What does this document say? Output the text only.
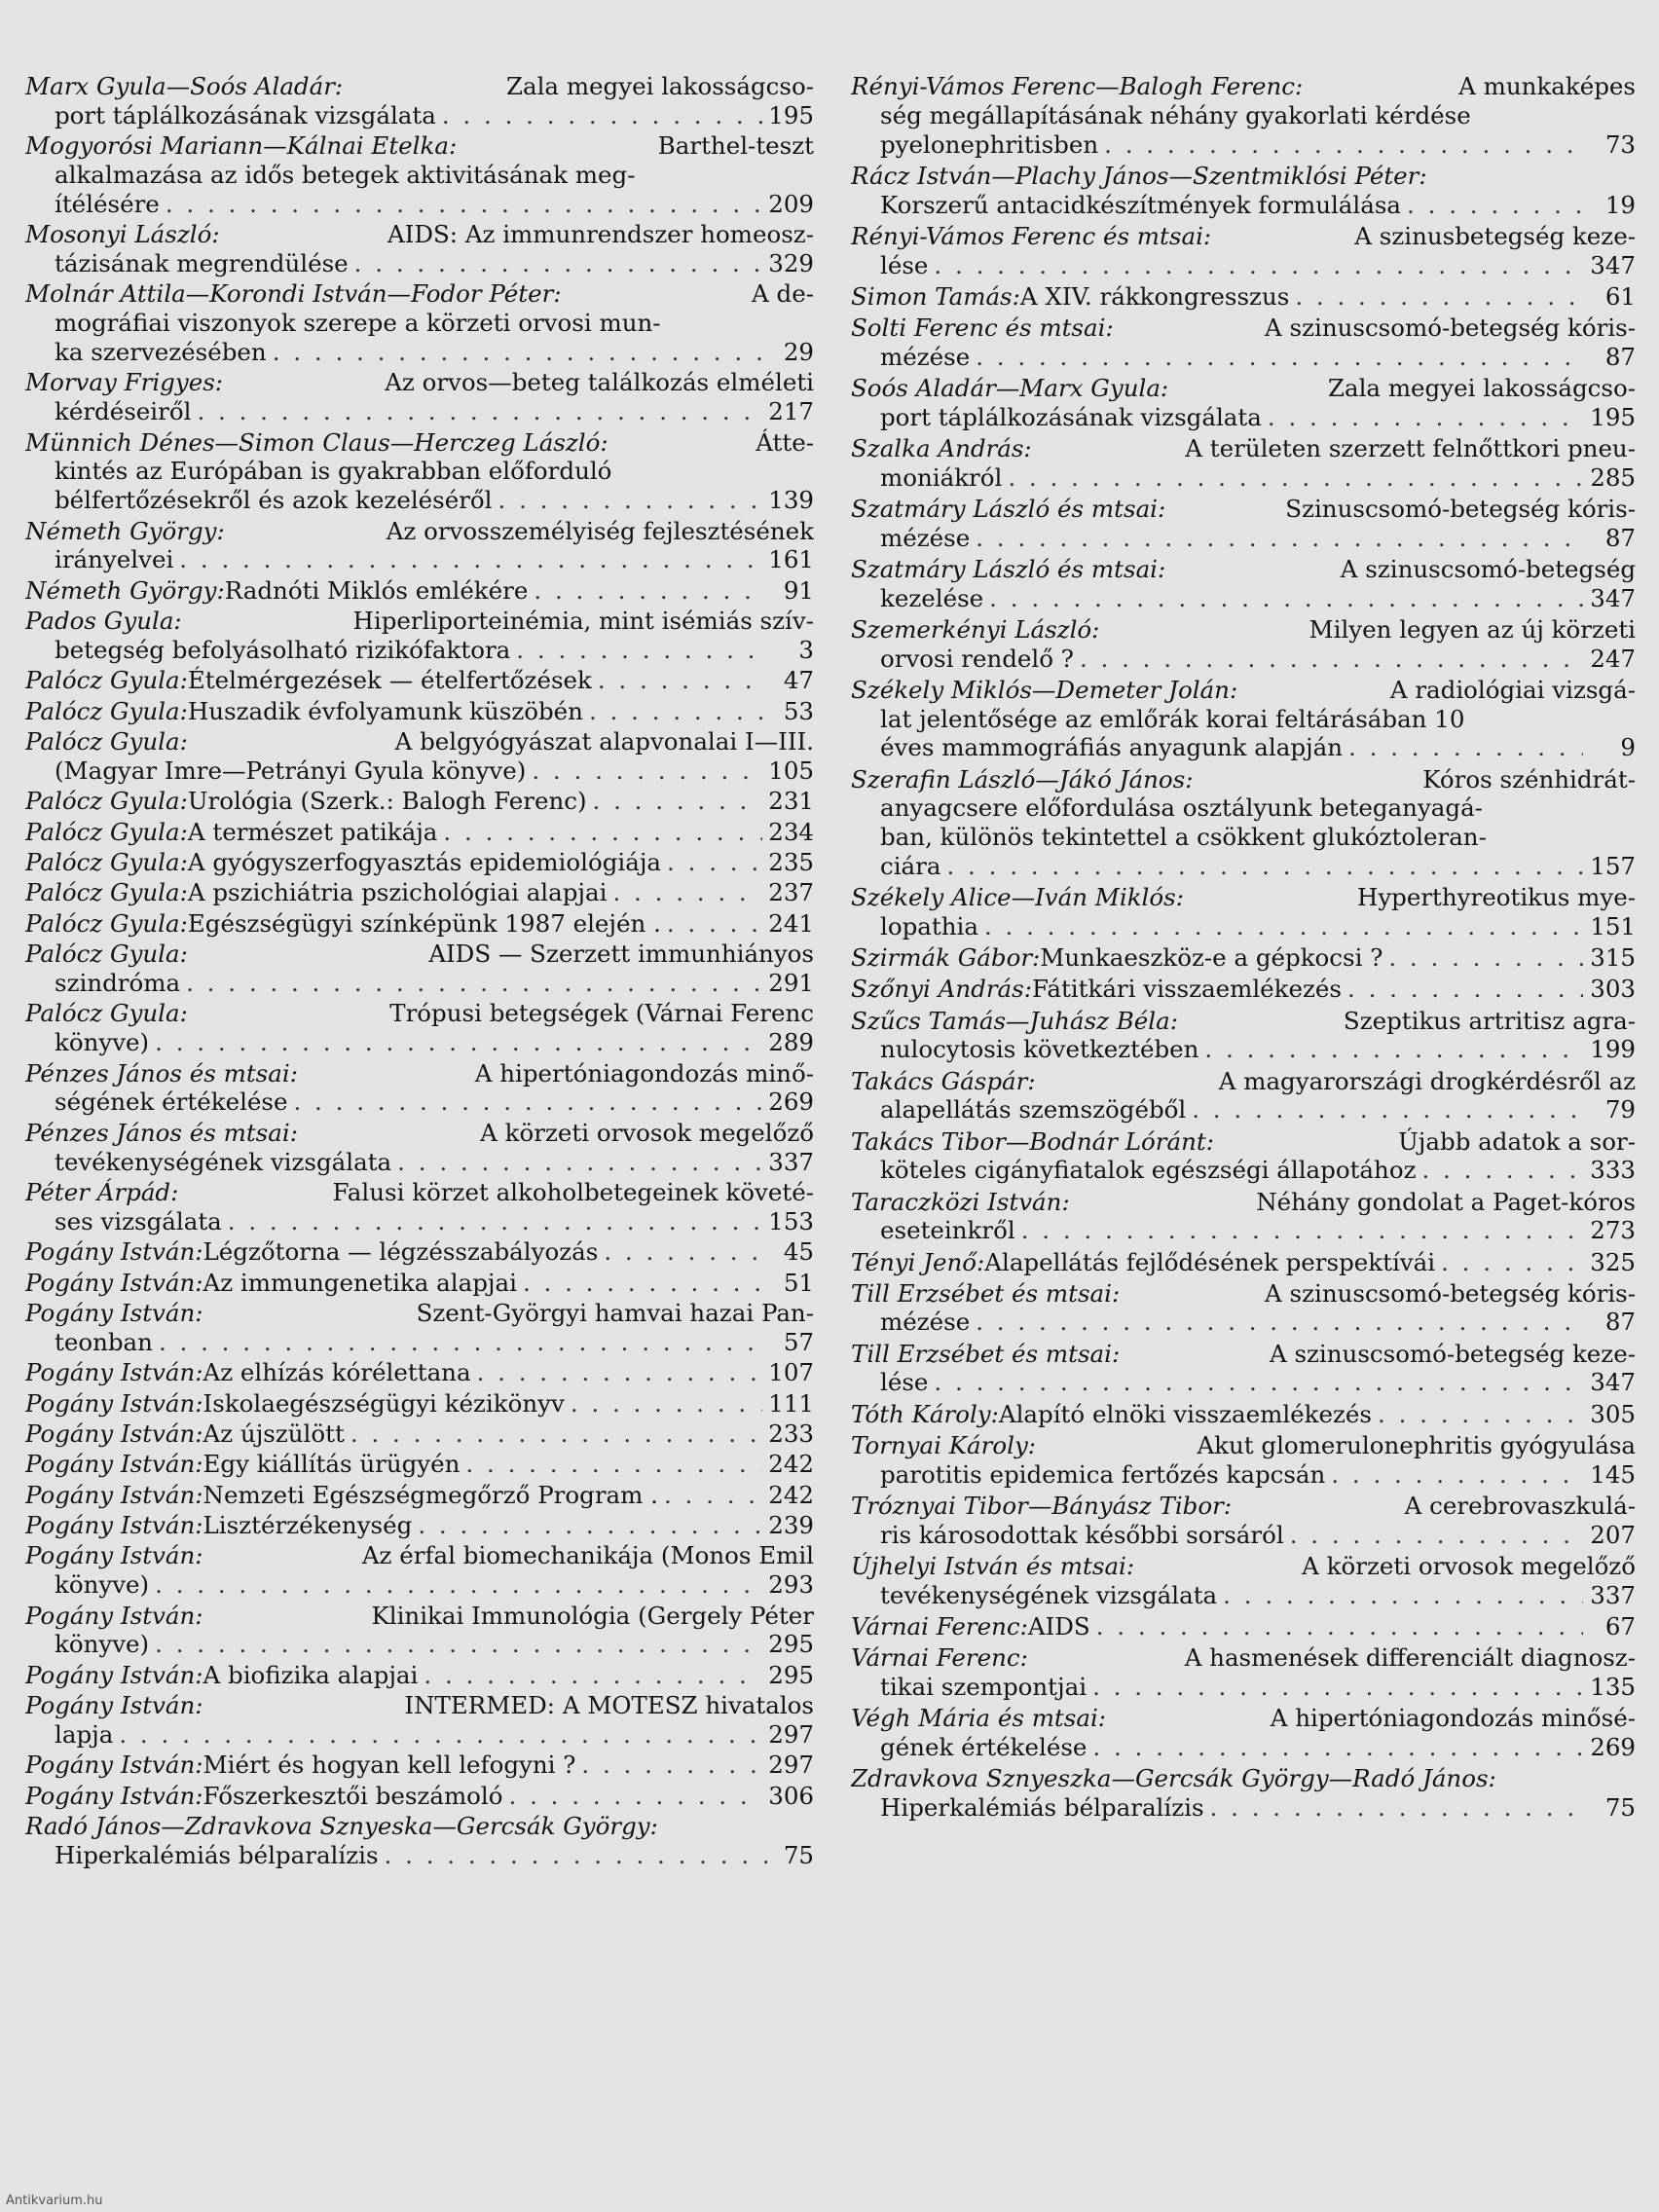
Marx Gyula—Soós Aladár:	Zala megyei lakosságcso-
port táplálkozásának vizsgálata . . .	195
Mogyorósi Mariann—Kálnai Etelka:	Barthel-teszt
alkalmazása az idős betegek aktivitásának meg-
ítélésére . . .	209
Mosonyi László:	AIDS: Az immunrendszer homeosz-
tázisának megrendülése . . .	329
Molnár Attila—Korondi István—Fodor Péter:	A de-
mográfiai viszonyok szerepe a körzeti orvosi mun-
ka szervezésében . . .	29
Morvay Frigyes:	Az orvos—beteg találkozás elméleti
kérdéseiről . . .	217
Münnich Dénes—Simon Claus—Herczeg László:	Átte-
kintés az Európában is gyakrabban előforduló
bélfertőzésekről és azok kezeléséről . . .	139
Németh György:	Az orvosszemélyiség fejlesztésének
irányelvei . . .	161
Németh György: Radnóti Miklós emlékére . . .	91
Pados Gyula:	Hiperliporteinémia, mint isémiás szív-
betegség befolyásolható rizikófaktora . . .	3
Palócz Gyula: Ételmérgezések — ételfertőzések . . .	47
Palócz Gyula: Huszadik évfolyamunk küszöbén . . .	53
Palócz Gyula:	A belgyógyászat alapvonalai I—III.
(Magyar Imre—Petrányi Gyula könyve) . . .	105
Palócz Gyula: Urológia (Szerk.: Balogh Ferenc) . . .	231
Palócz Gyula: A természet patikája . . .	234
Palócz Gyula: A gyógyszerfogyasztás epidemiológiája . . .	235
Palócz Gyula: A pszichiátria pszichológiai alapjai . . .	237
Palócz Gyula: Egészségügyi színképünk 1987 elején . . . .	241
Palócz Gyula:	AIDS — Szerzett immunhiányos
szindróma . . .	291
Palócz Gyula:	Trópusi betegségek (Várnai Ferenc
könyve) . . .	289
Pénzes János és mtsai:	A hipertóniagondozás minő-
ségének értékelése . . .	269
Pénzes János és mtsai:	A körzeti orvosok megelőző
tevékenységének vizsgálata . . .	337
Péter Árpád:	Falusi körzet alkoholbetegeinek követé-
ses vizsgálata . . .	153
Pogány István: Légzőtorna — légzésszabályozás . . .	45
Pogány István: Az immungenetika alapjai . . .	51
Pogány István:	Szent-Györgyi hamvai hazai Pan-
teonban . . .	57
Pogány István: Az elhízás kórélettana . . .	107
Pogány István: Iskolaegészségügyi kézikönyv . . .	111
Pogány István: Az újszülött . . .	233
Pogány István: Egy kiállítás ürügyén . . .	242
Pogány István: Nemzeti Egészségmegőrző Program . . . .	242
Pogány István: Lisztérzékenység . . .	239
Pogány István:	Az érfal biomechanikája (Monos Emil
könyve) . . .	293
Pogány István:	Klinikai Immunológia (Gergely Péter
könyve) . . .	295
Pogány István: A biofizika alapjai . . .	295
Pogány István:	INTERMED: A MOTESZ hivatalos
lapja . . .	297
Pogány István: Miért és hogyan kell lefogyni ? . . .	297
Pogány István: Főszerkesztői beszámoló . . .	306
Radó János—Zdravkova Sznyeska—Gercsák György:
Hiperkalémiás bélparalízis . . .	75
Rényi-Vámos Ferenc—Balogh Ferenc:	A munkaképes
ség megállapításának néhány gyakorlati kérdése
pyelonephritisben . . .	73
Rácz István—Plachy János—Szentmiklósi Péter:
Korszerű antacidkészítmények formulálása . . .	19
Rényi-Vámos Ferenc és mtsai:	A szinusbetegség keze-
lése . . .	347
Simon Tamás: A XIV. rákkongresszus . . .	61
Solti Ferenc és mtsai:	A szinuscsomó-betegség kóris-
mézése . . .	87
Soós Aladár—Marx Gyula:	Zala megyei lakosságcso-
port táplálkozásának vizsgálata . . .	195
Szalka András:	A területen szerzett felnőttkori pneu-
moniákról . . .	285
Szatmáry László és mtsai:	Szinuscsomó-betegség kóris-
mézése . . .	87
Szatmáry László és mtsai:	A szinuscsomó-betegség
kezelése . . .	347
Szemerkényi László:	Milyen legyen az új körzeti
orvosi rendelő ? . . .	247
Székely Miklós—Demeter Jolán:	A radiológiai vizsgá-
lat jelentősége az emlőrák korai feltárásában 10
éves mammográfiás anyagunk alapján . . .	9
Szerafin László—Jákó János:	Kóros szénhidrát-
anyagcsere előfordulása osztályunk beteganyagá-
ban, különös tekintettel a csökkent glukóztoleran-
ciára . . .	157
Székely Alice—Iván Miklós:	Hyperthyreotikus mye-
lopathia . . .	151
Szirmák Gábor: Munkaeszköz-e a gépkocsi ? . . .	315
Szőnyi András: Fátitkári visszaemlékezés . . .	303
Szűcs Tamás—Juhász Béla:	Szeptikus artritisz agra-
nulocytosis következtében . . .	199
Takács Gáspár:	A magyarországi drogkérdésről az
alapellátás szemszögéből . . .	79
Takács Tibor—Bodnár Lóránt:	Újabb adatok a sor-
köteles cigányfiatalok egészségi állapotához . . .	333
Taraczközi István:	Néhány gondolat a Paget-kóros
eseteinkről . . .	273
Tényi Jenő: Alapellátás fejlődésének perspektívái . . .	325
Till Erzsébet és mtsai:	A szinuscsomó-betegség kóris-
mézése . . .	87
Till Erzsébet és mtsai:	A szinuscsomó-betegség keze-
lése . . .	347
Tóth Károly: Alapító elnöki visszaemlékezés . . .	305
Tornyai Károly:	Akut glomerulonephritis gyógyulása
parotitis epidemica fertőzés kapcsán . . .	145
Tróznyai Tibor—Bányász Tibor:	A cerebrovaszkulá-
ris károsodottak későbbi sorsáról . . .	207
Újhelyi István és mtsai:	A körzeti orvosok megelőző
tevékenységének vizsgálata . . .	337
Várnai Ferenc: AIDS . . .	67
Várnai Ferenc:	A hasmenések differenciált diagnosz-
tikai szempontjai . . .	135
Végh Mária és mtsai:	A hipertóniagondozás minősé-
gének értékelése . . .	269
Zdravkova Sznyeszka—Gercsák György—Radó János:
Hiperkalémiás bélparalízis . . .	75
Antikvarium.hu
